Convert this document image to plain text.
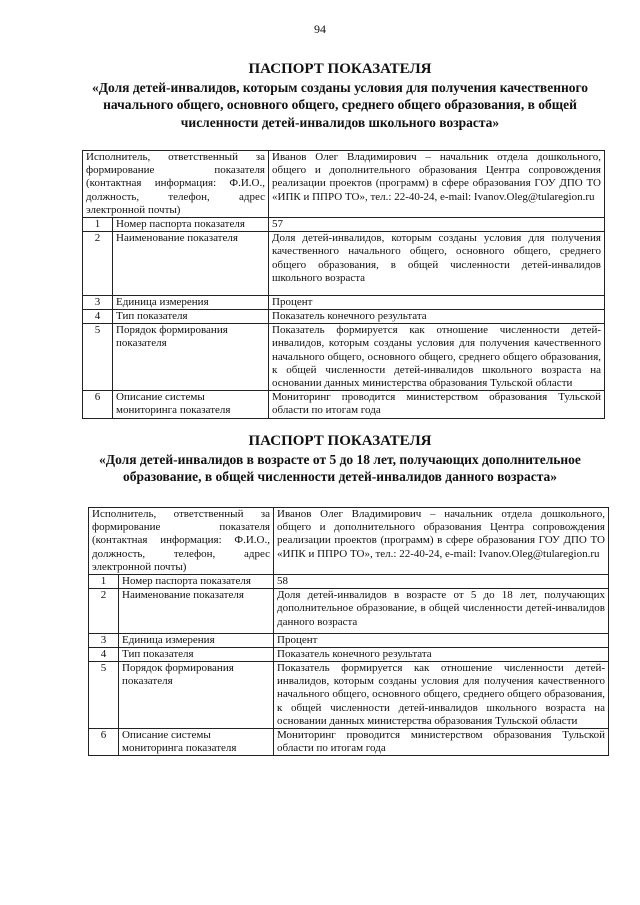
94
ПАСПОРТ ПОКАЗАТЕЛЯ
«Доля детей-инвалидов, которым созданы условия для получения качественного начального общего, основного общего, среднего общего образования, в общей численности детей-инвалидов школьного возраста»
Исполнитель, ответственный за формирование показателя (контактная информация: Ф.И.О., должность, телефон, адрес электронной почты)		Иванов Олег Владимирович – начальник отдела дошкольного, общего и дополнительного образования Центра сопровождения реализации проектов (программ) в сфере образования ГОУ ДПО ТО «ИПК и ППРО ТО», тел.: 22-40-24, e-mail: Ivanov.Oleg@tularegion.ru
1	Номер паспорта показателя	57
2	Наименование показателя	Доля детей-инвалидов, которым созданы условия для получения качественного начального общего, основного общего, среднего общего образования, в общей численности детей-инвалидов школьного возраста
3	Единица измерения	Процент
4	Тип показателя	Показатель конечного результата
5	Порядок формирования показателя	Показатель формируется как отношение численности детей-инвалидов, которым созданы условия для получения качественного начального общего, основного общего, среднего общего образования, к общей численности детей-инвалидов школьного возраста на основании данных министерства образования Тульской области
6	Описание системы мониторинга показателя	Мониторинг проводится министерством образования Тульской области по итогам года
ПАСПОРТ ПОКАЗАТЕЛЯ
«Доля детей-инвалидов в возрасте от 5 до 18 лет, получающих дополнительное образование, в общей численности детей-инвалидов данного возраста»
Исполнитель, ответственный за формирование показателя (контактная информация: Ф.И.О., должность, телефон, адрес электронной почты)		Иванов Олег Владимирович – начальник отдела дошкольного, общего и дополнительного образования Центра сопровождения реализации проектов (программ) в сфере образования ГОУ ДПО ТО «ИПК и ППРО ТО», тел.: 22-40-24, e-mail: Ivanov.Oleg@tularegion.ru
1	Номер паспорта показателя	58
2	Наименование показателя	Доля детей-инвалидов в возрасте от 5 до 18 лет, получающих дополнительное образование, в общей численности детей-инвалидов данного возраста
3	Единица измерения	Процент
4	Тип показателя	Показатель конечного результата
5	Порядок формирования показателя	Показатель формируется как отношение численности детей-инвалидов, которым созданы условия для получения качественного начального общего, основного общего, среднего общего образования, к общей численности детей-инвалидов школьного возраста на основании данных министерства образования Тульской области
6	Описание системы мониторинга показателя	Мониторинг проводится министерством образования Тульской области по итогам года
